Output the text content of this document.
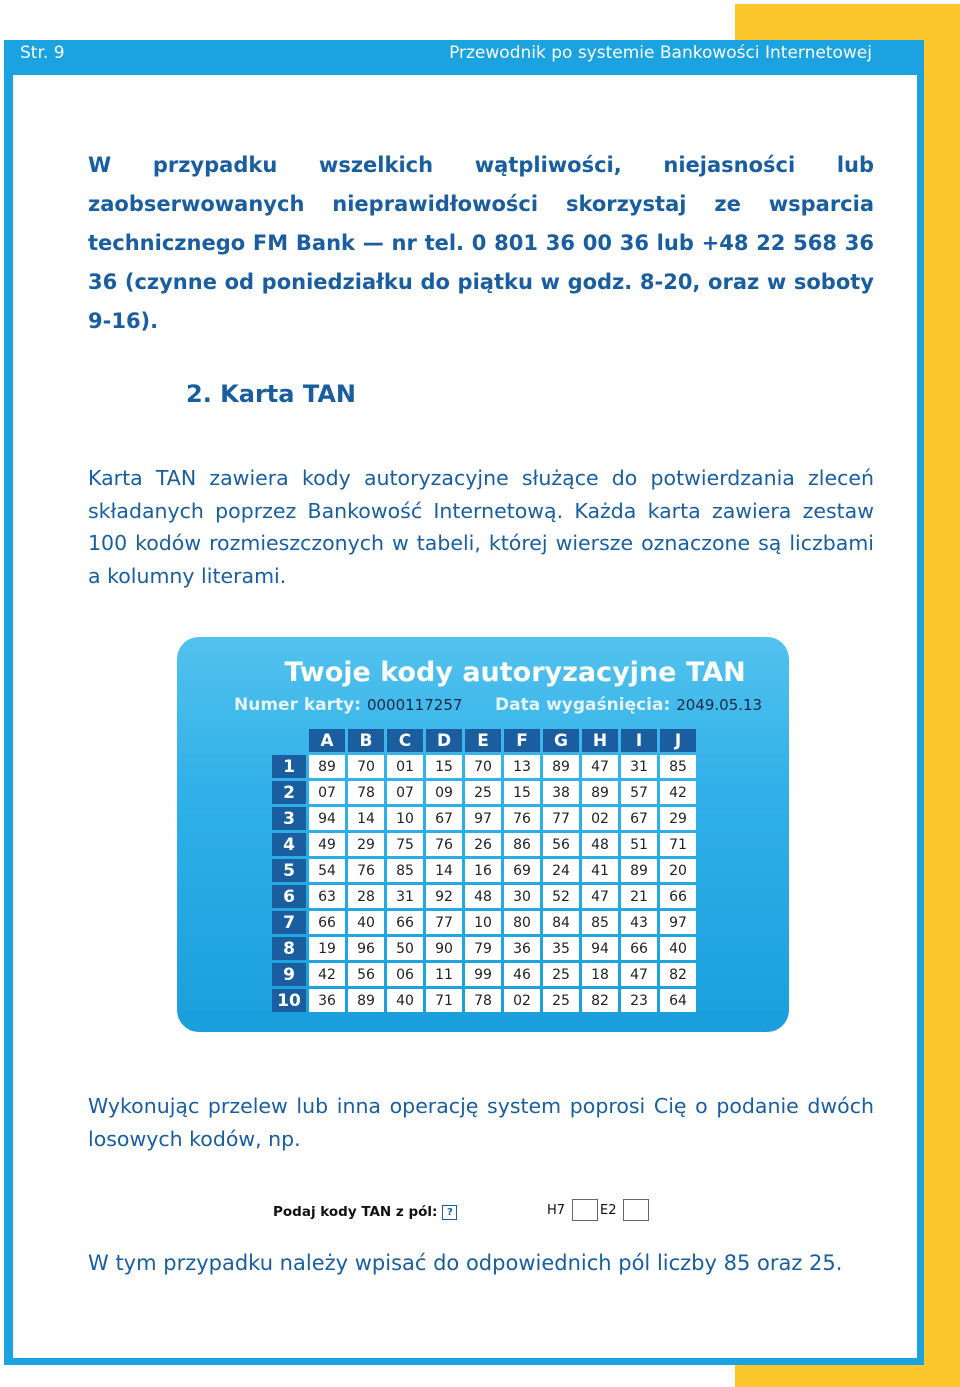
Str. 9	Przewodnik po systemie Bankowości Internetowej
W przypadku wszelkich wątpliwości, niejasności lub zaobserwowanych nieprawidłowości skorzystaj ze wsparcia technicznego FM Bank — nr tel. 0 801 36 00 36 lub +48 22 568 36 36 (czynne od poniedziałku do piątku w godz. 8-20, oraz w soboty 9-16).
2. Karta TAN
Karta TAN zawiera kody autoryzacyjne służące do potwierdzania zleceń składanych poprzez Bankowość Internetową. Każda karta zawiera zestaw 100 kodów rozmieszczonych w tabeli, której wiersze oznaczone są liczbami a kolumny literami.
Twoje kody autoryzacyjne TAN
Numer karty: 0000117257 Data wygaśnięcia: 2049.05.13
	A	B	C	D	E	F	G	H	I	J
1	89	70	01	15	70	13	89	47	31	85
2	07	78	07	09	25	15	38	89	57	42
3	94	14	10	67	97	76	77	02	67	29
4	49	29	75	76	26	86	56	48	51	71
5	54	76	85	14	16	69	24	41	89	20
6	63	28	31	92	48	30	52	47	21	66
7	66	40	66	77	10	80	84	85	43	97
8	19	96	50	90	79	36	35	94	66	40
9	42	56	06	11	99	46	25	18	47	82
10	36	89	40	71	78	02	25	82	23	64
Wykonując przelew lub inna operację system poprosi Cię o podanie dwóch losowych kodów, np.
Podaj kody TAN z pól: ?	H7	E2
W tym przypadku należy wpisać do odpowiednich pól liczby 85 oraz 25.
